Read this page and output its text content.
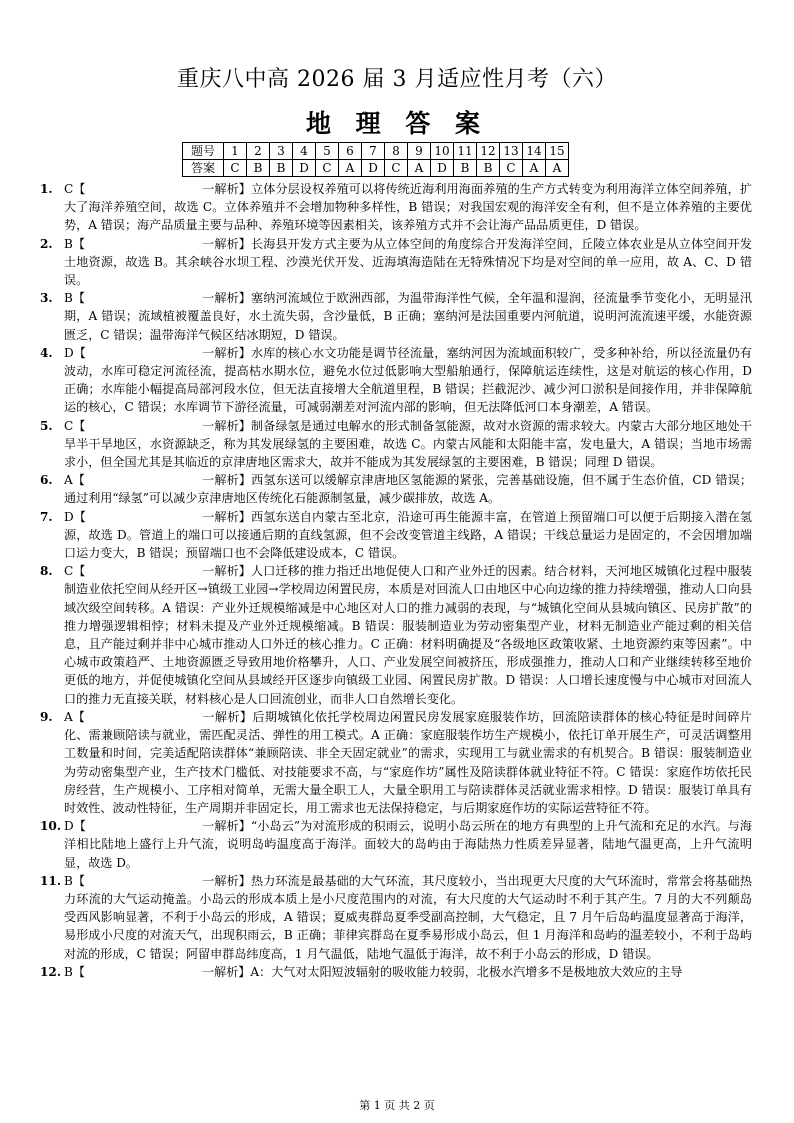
重庆八中高 2026 届 3 月适应性月考（六）
地 理 答 案
题号	1	2	3	4	5	6	7	8	9	10	11	12	13	14	15
答案	C	B	B	D	C	A	D	C	A	D	B	B	C	A	A
1. C【	一解析】立体分层设权养殖可以将传统近海利用海面养殖的生产方式转变为利用海洋立体空间养殖，扩大了海洋养殖空间，故选 C。立体养殖并不会增加物种多样性，B 错误；对我国宏观的海洋安全有利，但不是立体养殖的主要优势，A 错误；海产品质量主要与品种、养殖环境等因素相关，该养殖方式并不会让海产品品质更佳，D 错误。
2. B【	一解析】长海县开发方式主要为从立体空间的角度综合开发海洋空间，丘陵立体农业是从立体空间开发土地资源，故选 B。其余峡谷水坝工程、沙漠光伏开发、近海填海造陆在无特殊情况下均是对空间的单一应用，故 A、C、D 错误。
3. B【	一解析】塞纳河流域位于欧洲西部，为温带海洋性气候，全年温和湿润，径流量季节变化小，无明显汛期，A 错误；流域植被覆盖良好，水土流失弱，含沙量低，B 正确；塞纳河是法国重要内河航道，说明河流流速平缓，水能资源匮乏，C 错误；温带海洋气候区结冰期短，D 错误。
4. D【	一解析】水库的核心水文功能是调节径流量，塞纳河因为流域面积较广，受多种补给，所以径流量仍有波动，水库可稳定河流径流，提高枯水期水位，避免水位过低影响大型船舶通行，保障航运连续性，这是对航运的核心作用，D 正确；水库能小幅提高局部河段水位，但无法直接增大全航道里程，B 错误；拦截泥沙、减少河口淤积是间接作用，并非保障航运的核心，C 错误；水库调节下游径流量，可减弱潮差对河流内部的影响，但无法降低河口本身潮差，A 错误。
5. C【	一解析】制备绿氢是通过电解水的形式制备氢能源，故对水资源的需求较大。内蒙古大部分地区地处干旱半干旱地区，水资源缺乏，称为其发展绿氢的主要困难，故选 C。内蒙古风能和太阳能丰富，发电量大，A 错误；当地市场需求小，但全国尤其是其临近的京津唐地区需求大，故并不能成为其发展绿氢的主要困难，B 错误；同理 D 错误。
6. A【	一解析】西氢东送可以缓解京津唐地区氢能源的紧张，完善基础设施，但不属于生态价值，CD 错误；通过利用“绿氢”可以减少京津唐地区传统化石能源制氢量，减少碳排放，故选 A。
7. D【	一解析】西氢东送自内蒙古至北京，沿途可再生能源丰富，在管道上预留端口可以便于后期接入潜在氢源，故选 D。管道上的端口可以接通后期的直线氢源，但不会改变管道主线路，A 错误；干线总量运力是固定的，不会因增加端口运力变大，B 错误；预留端口也不会降低建设成本，C 错误。
8. C【	一解析】人口迁移的推力指迁出地促使人口和产业外迁的因素。结合材料，天河地区城镇化过程中服装制造业依托空间从经开区→镇级工业园→学校周边闲置民房，本质是对回流人口由地区中心向边缘的推力持续增强，推动人口向县域次级空间转移。A 错误：产业外迁规模缩减是中心地区对人口的推力减弱的表现，与“城镇化空间从县城向镇区、民房扩散”的推力增强逻辑相悖；材料未提及产业外迁规模缩减。B 错误：服装制造业为劳动密集型产业，材料无制造业产能过剩的相关信息，且产能过剩并非中心城市推动人口外迁的核心推力。C 正确：材料明确提及“各级地区政策收紧、土地资源约束等因素”。中心城市政策趋严、土地资源匮乏导致用地价格攀升，人口、产业发展空间被挤压，形成强推力，推动人口和产业继续转移至地价更低的地方，并促使城镇化空间从县域经开区逐步向镇级工业园、闲置民房扩散。D 错误：人口增长速度慢与中心城市对回流人口的推力无直接关联，材料核心是人口回流创业，而非人口自然增长变化。
9. A【	一解析】后期城镇化依托学校周边闲置民房发展家庭服装作坊，回流陪读群体的核心特征是时间碎片化、需兼顾陪读与就业，需匹配灵活、弹性的用工模式。A 正确：家庭服装作坊生产规模小，依托订单开展生产，可灵活调整用工数量和时间，完美适配陪读群体“兼顾陪读、非全天固定就业”的需求，实现用工与就业需求的有机契合。B 错误：服装制造业为劳动密集型产业，生产技术门槛低、对技能要求不高，与“家庭作坊”属性及陪读群体就业特征不符。C 错误：家庭作坊依托民房经营，生产规模小、工序相对简单，无需大量全职工人，大量全职用工与陪读群体灵活就业需求相悖。D 错误：服装订单具有时效性、波动性特征，生产周期并非固定长，用工需求也无法保持稳定，与后期家庭作坊的实际运营特征不符。
10. D【	一解析】“小岛云”为对流形成的积雨云，说明小岛云所在的地方有典型的上升气流和充足的水汽。与海洋相比陆地上盛行上升气流，说明岛屿温度高于海洋。面较大的岛屿由于海陆热力性质差异显著，陆地气温更高，上升气流明显，故选 D。
11. B【	一解析】热力环流是最基础的大气环流，其尺度较小，当出现更大尺度的大气环流时，常常会将基础热力环流的大气运动掩盖。小岛云的形成本质上是小尺度范围内的对流，有大尺度的大气运动时不利于其产生。7 月的大不列颠岛受西风影响显著，不利于小岛云的形成，A 错误；夏威夷群岛夏季受副高控制，大气稳定，且 7 月午后岛屿温度显著高于海洋，易形成小尺度的对流天气，出现积雨云，B 正确；菲律宾群岛在夏季易形成小岛云，但 1 月海洋和岛屿的温差较小，不利于岛屿对流的形成，C 错误；阿留申群岛纬度高，1 月气温低，陆地气温低于海洋，故不利于小岛云的形成，D 错误。
12. B【	一解析】A：大气对太阳短波辐射的吸收能力较弱，北极水汽增多不是极地放大效应的主导
第 1 页 共 2 页
